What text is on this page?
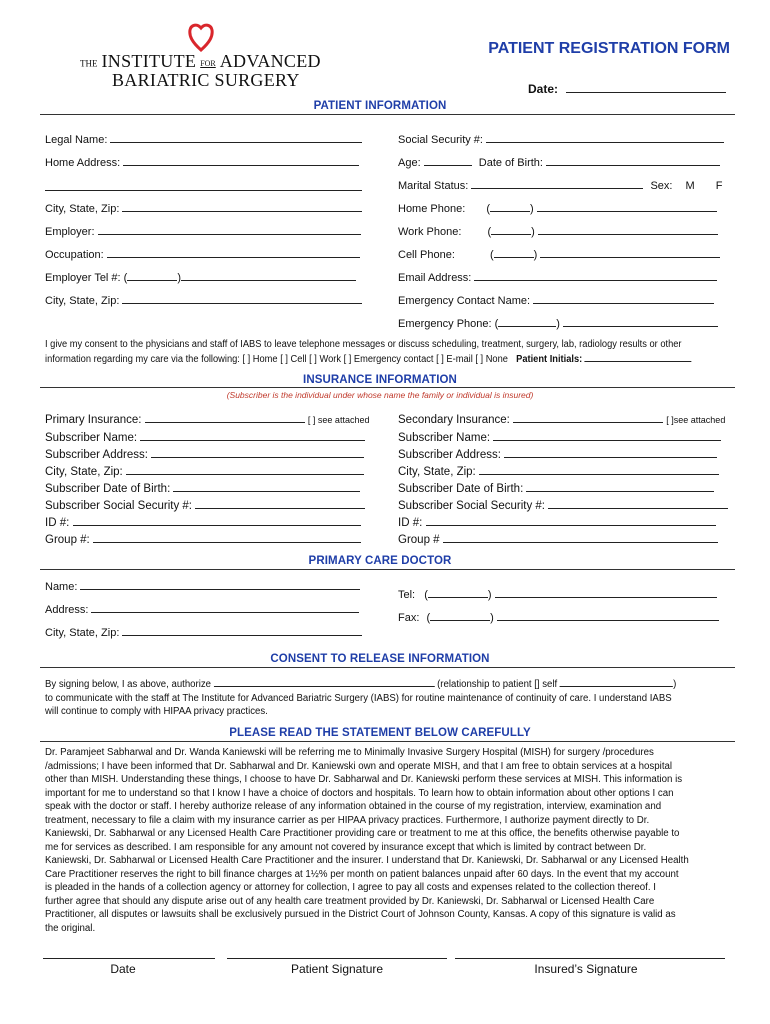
THE INSTITUTE FOR ADVANCED
BARIATRIC SURGERY
PATIENT REGISTRATION FORM
Date:
PATIENT INFORMATION
Legal Name:
Home Address:
City, State, Zip:
Employer:
Occupation:
Employer Tel #: (	)
City, State, Zip:
Social Security #:
Age:	Date of Birth:
Marital Status:	Sex: M F
Home Phone: (	)
Work Phone: (	)
Cell Phone:	(	)
Email Address:
Emergency Contact Name:
Emergency Phone: (	)
I give my consent to the physicians and staff of IABS to leave telephone messages or discuss scheduling, treatment, surgery, lab, radiology results or other
information regarding my care via the following: [ ] Home [ ] Cell [ ] Work [ ] Emergency contact [ ] E-mail [ ] None Patient Initials:
INSURANCE INFORMATION
(Subscriber is the individual under whose name the family or individual is insured)
Primary Insurance:	[ ] see attached
Subscriber Name:
Subscriber Address:
City, State, Zip:
Subscriber Date of Birth:
Subscriber Social Security #:
ID #:
Group #:
Secondary Insurance:	[ ]see attached
Subscriber Name:
Subscriber Address:
City, State, Zip:
Subscriber Date of Birth:
Subscriber Social Security #:
ID #:
Group #
PRIMARY CARE DOCTOR
Name:
Address:
City, State, Zip:
Tel: (	)
Fax: (	)
CONSENT TO RELEASE INFORMATION
By signing below, I as above, authorize	(relationship to patient [] self	)
to communicate with the staff at The Institute for Advanced Bariatric Surgery (IABS) for routine maintenance of continuity of care. I understand IABS
will continue to comply with HIPAA privacy practices.
PLEASE READ THE STATEMENT BELOW CAREFULLY
Dr. Paramjeet Sabharwal and Dr. Wanda Kaniewski will be referring me to Minimally Invasive Surgery Hospital (MISH) for surgery /procedures
/admissions; I have been informed that Dr. Sabharwal and Dr. Kaniewski own and operate MISH, and that I am free to obtain services at a hospital
other than MISH. Understanding these things, I choose to have Dr. Sabharwal and Dr. Kaniewski perform these services at MISH. This information is
important for me to understand so that I know I have a choice of doctors and hospitals. To learn how to obtain information about other options I can
speak with the doctor or staff. I hereby authorize release of any information obtained in the course of my registration, interview, examination and
treatment, necessary to file a claim with my insurance carrier as per HIPAA privacy practices. Furthermore, I authorize payment directly to Dr.
Kaniewski, Dr. Sabharwal or any Licensed Health Care Practitioner providing care or treatment to me at this office, the benefits otherwise payable to
me for services as described. I am responsible for any amount not covered by insurance except that which is limited by contract between Dr.
Kaniewski, Dr. Sabharwal or Licensed Health Care Practitioner and the insurer. I understand that Dr. Kaniewski, Dr. Sabharwal or any Licensed Health
Care Practitioner reserves the right to bill finance charges at 1½% per month on patient balances unpaid after 60 days. In the event that my account
is pleaded in the hands of a collection agency or attorney for collection, I agree to pay all costs and expenses related to the collection thereof. I
further agree that should any dispute arise out of any health care treatment provided by Dr. Kaniewski, Dr. Sabharwal or Licensed Health Care
Practitioner, all disputes or lawsuits shall be exclusively pursued in the District Court of Johnson County, Kansas. A copy of this signature is valid as
the original.
Date	Patient Signature	Insured’s Signature
